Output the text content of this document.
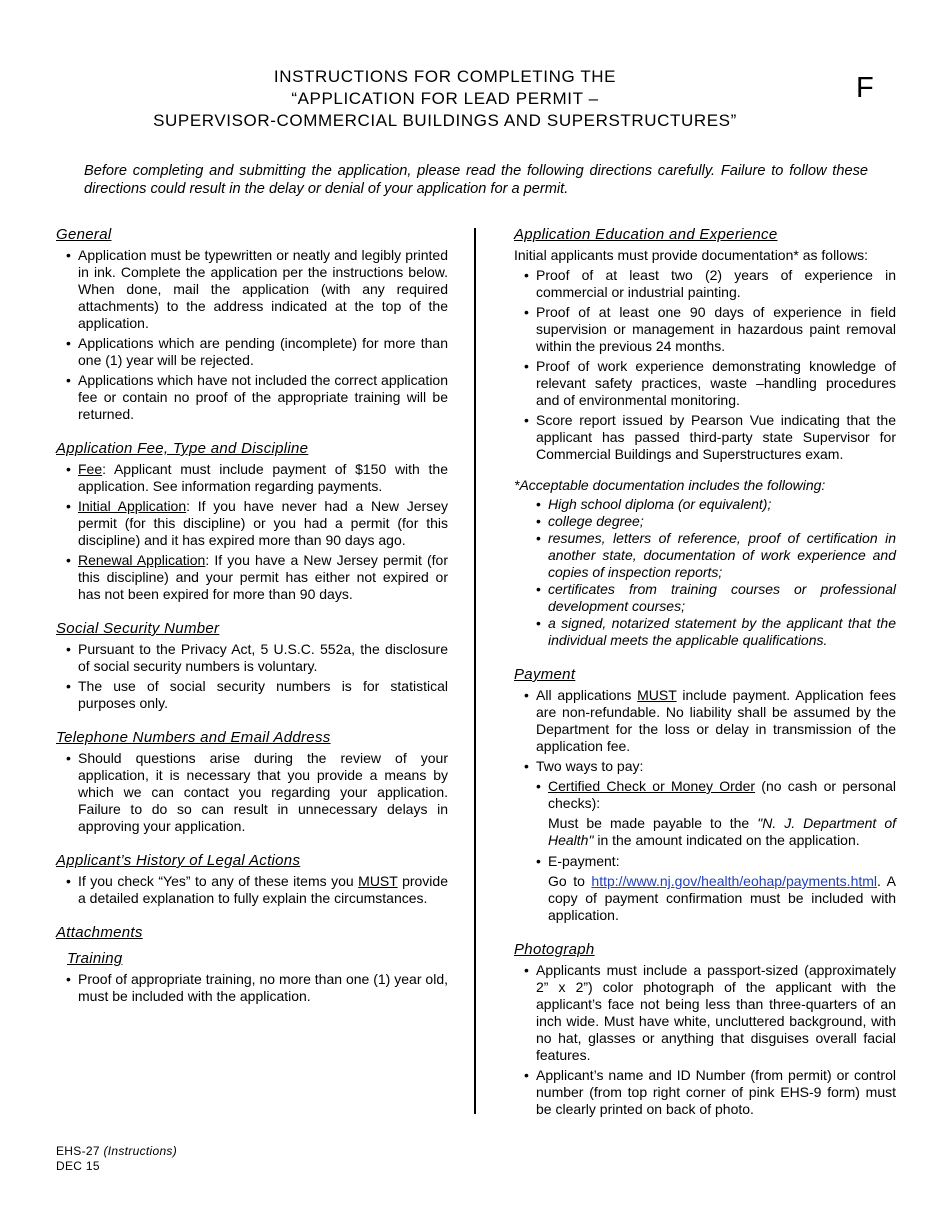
INSTRUCTIONS FOR COMPLETING THE
“APPLICATION FOR LEAD PERMIT –
SUPERVISOR-COMMERCIAL BUILDINGS AND SUPERSTRUCTURES”
F
Before completing and submitting the application, please read the following directions carefully. Failure to follow these directions could result in the delay or denial of your application for a permit.
General
• Application must be typewritten or neatly and legibly printed in ink. Complete the application per the instructions below. When done, mail the application (with any required attachments) to the address indicated at the top of the application.
• Applications which are pending (incomplete) for more than one (1) year will be rejected.
• Applications which have not included the correct application fee or contain no proof of the appropriate training will be returned.
Application Fee, Type and Discipline
• Fee: Applicant must include payment of $150 with the application. See information regarding payments.
• Initial Application: If you have never had a New Jersey permit (for this discipline) or you had a permit (for this discipline) and it has expired more than 90 days ago.
• Renewal Application: If you have a New Jersey permit (for this discipline) and your permit has either not expired or has not been expired for more than 90 days.
Social Security Number
• Pursuant to the Privacy Act, 5 U.S.C. 552a, the disclosure of social security numbers is voluntary.
• The use of social security numbers is for statistical purposes only.
Telephone Numbers and Email Address
• Should questions arise during the review of your application, it is necessary that you provide a means by which we can contact you regarding your application. Failure to do so can result in unnecessary delays in approving your application.
Applicant’s History of Legal Actions
• If you check “Yes” to any of these items you MUST provide a detailed explanation to fully explain the circumstances.
Attachments
Training
• Proof of appropriate training, no more than one (1) year old, must be included with the application.
Application Education and Experience
Initial applicants must provide documentation* as follows:
• Proof of at least two (2) years of experience in commercial or industrial painting.
• Proof of at least one 90 days of experience in field supervision or management in hazardous paint removal within the previous 24 months.
• Proof of work experience demonstrating knowledge of relevant safety practices, waste –handling procedures and of environmental monitoring.
• Score report issued by Pearson Vue indicating that the applicant has passed third-party state Supervisor for Commercial Buildings and Superstructures exam.
*Acceptable documentation includes the following:
• High school diploma (or equivalent);
• college degree;
• resumes, letters of reference, proof of certification in another state, documentation of work experience and copies of inspection reports;
• certificates from training courses or professional development courses;
• a signed, notarized statement by the applicant that the individual meets the applicable qualifications.
Payment
• All applications MUST include payment. Application fees are non-refundable. No liability shall be assumed by the Department for the loss or delay in transmission of the application fee.
• Two ways to pay:
• Certified Check or Money Order (no cash or personal checks):
Must be made payable to the "N. J. Department of Health" in the amount indicated on the application.
• E-payment:
Go to http://www.nj.gov/health/eohap/payments.html. A copy of payment confirmation must be included with application.
Photograph
• Applicants must include a passport-sized (approximately 2” x 2”) color photograph of the applicant with the applicant’s face not being less than three-quarters of an inch wide. Must have white, uncluttered background, with no hat, glasses or anything that disguises overall facial features.
• Applicant’s name and ID Number (from permit) or control number (from top right corner of pink EHS-9 form) must be clearly printed on back of photo.
EHS-27 (Instructions)
DEC 15
